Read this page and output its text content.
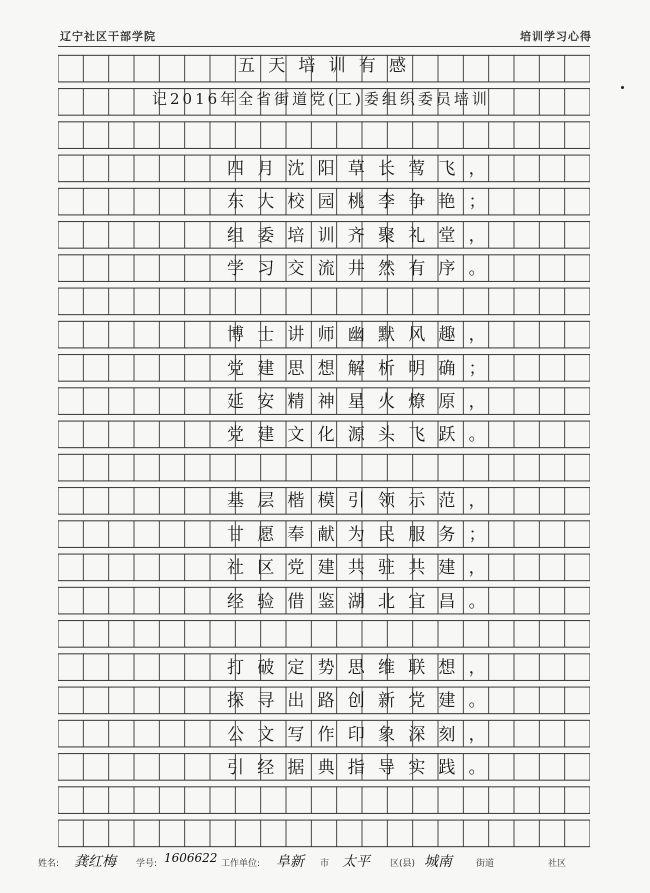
辽宁社区干部学院	培训学习心得
五天培训有感
记2016年全省街道党(工)委组织委员培训
四月沈阳草长莺飞，
东大校园桃李争艳；
组委培训齐聚礼堂，
学习交流井然有序。
博士讲师幽默风趣，
党建思想解析明确；
延安精神星火燎原，
党建文化源头飞跃。
基层楷模引领示范，
甘愿奉献为民服务；
社区党建共驻共建，
经验借鉴湖北宜昌。
打破定势思维联想，
探寻出路创新党建。
公文写作印象深刻，
引经据典指导实践。
姓名: 龚红梅 学号: 1606622 工作单位: 阜新 市 太平 区(县) 城南	街道	社区
